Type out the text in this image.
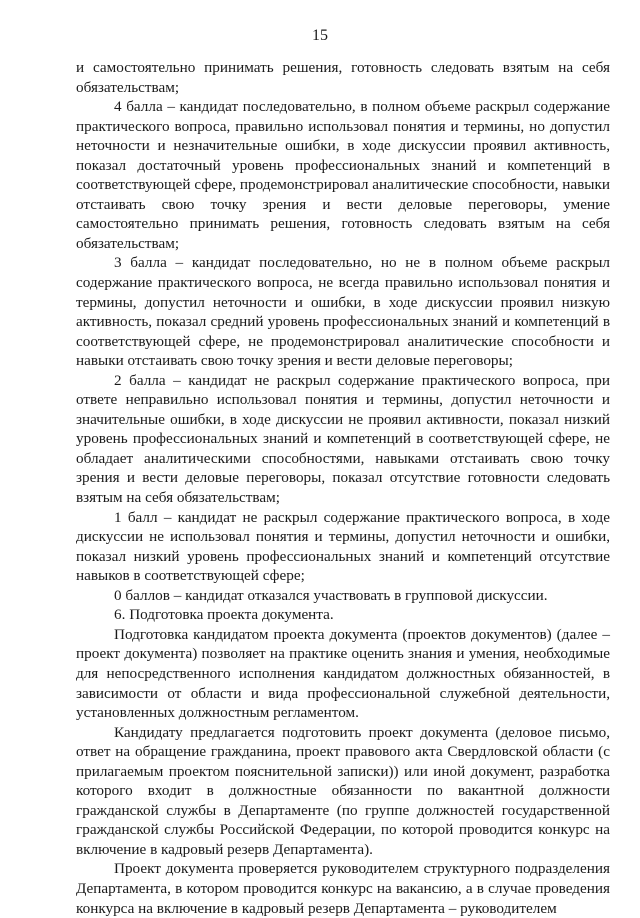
15

и самостоятельно принимать решения, готовность следовать взятым на себя обязательствам;

4 балла – кандидат последовательно, в полном объеме раскрыл содержание практического вопроса, правильно использовал понятия и термины, но допустил неточности и незначительные ошибки, в ходе дискуссии проявил активность, показал достаточный уровень профессиональных знаний и компетенций в соответствующей сфере, продемонстрировал аналитические способности, навыки отстаивать свою точку зрения и вести деловые переговоры, умение самостоятельно принимать решения, готовность следовать взятым на себя обязательствам;

3 балла – кандидат последовательно, но не в полном объеме раскрыл содержание практического вопроса, не всегда правильно использовал понятия и термины, допустил неточности и ошибки, в ходе дискуссии проявил низкую активность, показал средний уровень профессиональных знаний и компетенций в соответствующей сфере, не продемонстрировал аналитические способности и навыки отстаивать свою точку зрения и вести деловые переговоры;

2 балла – кандидат не раскрыл содержание практического вопроса, при ответе неправильно использовал понятия и термины, допустил неточности и значительные ошибки, в ходе дискуссии не проявил активности, показал низкий уровень профессиональных знаний и компетенций в соответствующей сфере, не обладает аналитическими способностями, навыками отстаивать свою точку зрения и вести деловые переговоры, показал отсутствие готовности следовать взятым на себя обязательствам;

1 балл – кандидат не раскрыл содержание практического вопроса, в ходе дискуссии не использовал понятия и термины, допустил неточности и ошибки, показал низкий уровень профессиональных знаний и компетенций отсутствие навыков в соответствующей сфере;

0 баллов – кандидат отказался участвовать в групповой дискуссии.

6. Подготовка проекта документа.

Подготовка кандидатом проекта документа (проектов документов) (далее – проект документа) позволяет на практике оценить знания и умения, необходимые для непосредственного исполнения кандидатом должностных обязанностей, в зависимости от области и вида профессиональной служебной деятельности, установленных должностным регламентом.

Кандидату предлагается подготовить проект документа (деловое письмо, ответ на обращение гражданина, проект правового акта Свердловской области (с прилагаемым проектом пояснительной записки)) или иной документ, разработка которого входит в должностные обязанности по вакантной должности гражданской службы в Департаменте (по группе должностей государственной гражданской службы Российской Федерации, по которой проводится конкурс на включение в кадровый резерв Департамента).

Проект документа проверяется руководителем структурного подразделения Департамента, в котором проводится конкурс на вакансию, а в случае проведения конкурса на включение в кадровый резерв Департамента – руководителем
